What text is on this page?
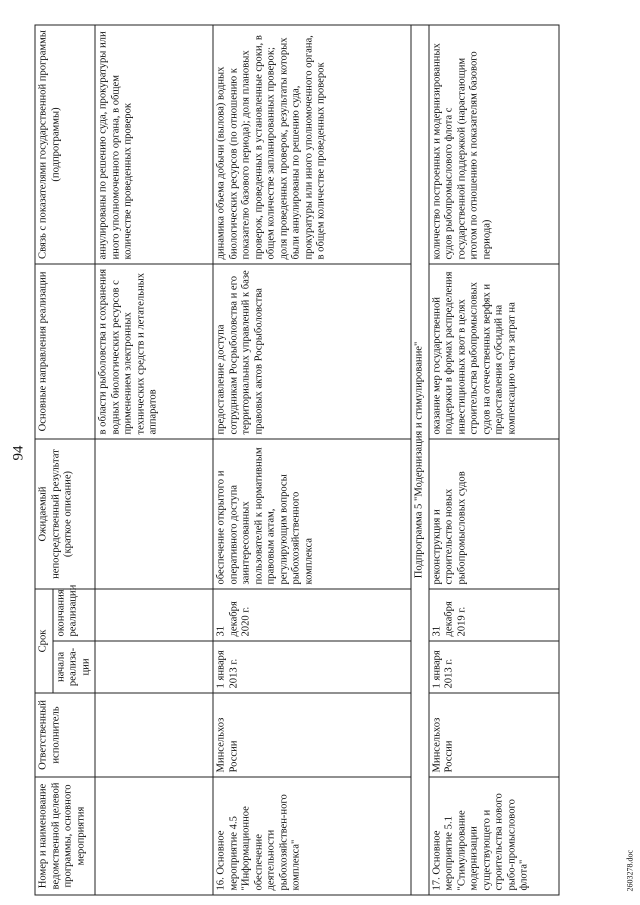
94
Номер и наименование ведомственной целевой программы, основного мероприятия	Ответственный исполнитель	Срок		Ожидаемый непосредственный результат (краткое описание)	Основные направления реализации	Связь с показателями государственной программы (подпрограммы)
		начала реализа-ции	окончания реализации			
					в области рыболовства и сохранения водных биологических ресурсов с применением электронных технических средств и летательных аппаратов	аннулированы по решению суда, прокуратуры или иного уполномоченного органа, в общем количестве проведенных проверок
16. Основное мероприятие 4.5 "Информационное обеспечение деятельности рыбохозяйствен-ного комплекса"	Минсельхоз России	1 января 2013 г.	31 декабря 2020 г.	обеспечение открытого и оперативного доступа заинтересованных пользователей к нормативным правовым актам, регулирующим вопросы рыбохозяйственного комплекса	предоставление доступа сотрудникам Росрыболовства и его территориальных управлений к базе правовых актов Росрыболовства	динамика объема добычи (вылова) водных биологических ресурсов (по отношению к показателю базового периода); доля плановых проверок, проведенных в установленные сроки, в общем количестве запланированных проверок; доля проведенных проверок, результаты которых были аннулированы по решению суда, прокуратуры или иного уполномоченного органа, в общем количестве проведенных проверок
Подпрограмма 5 "Модернизация и стимулирование"						
17. Основное мероприятие 5.1 "Стимулирование модернизации существующего и строительства нового рыбо-промыслового флота"	Минсельхоз России	1 января 2013 г.	31 декабря 2019 г.	реконструкция и строительство новых рыбопромысловых судов	оказание мер государственной поддержки в формах распределения инвестиционных квот в целях строительства рыбопромысловых судов на отечественных верфях и предоставления субсидий на компенсацию части затрат на	количество построенных и модернизированных судов рыбопромыслового флота с государственной поддержкой (нарастающим итогом по отношению к показателям базового периода)
2603278.doc
